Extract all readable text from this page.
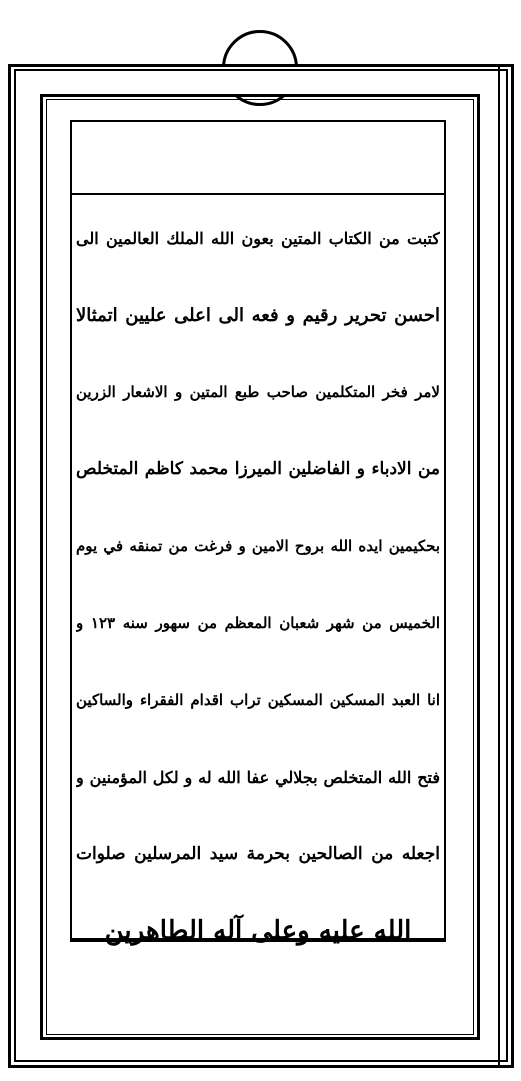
كتبت من الكتاب المتين بعون الله الملك العالمين الى
احسن تحرير رقيم و فعه الى اعلى عليين اتمثالا
لامر فخر المتكلمين صاحب طبع المتين و الاشعار الزرين
من الادباء و الفاضلين الميرزا محمد كاظم المتخلص
بحكيمين ايده الله بروح الامين و فرغت من تمنقه في يوم
الخميس من شهر شعبان المعظم من سهور سنه ١٢٣ و
انا العبد المسكين المسكين تراب اقدام الفقراء والساكين
فتح الله المتخلص بجلالي عفا الله له و لكل المؤمنين و
اجعله من الصالحين بحرمة سيد المرسلين صلوات
الله عليه وعلى آله الطاهرين
